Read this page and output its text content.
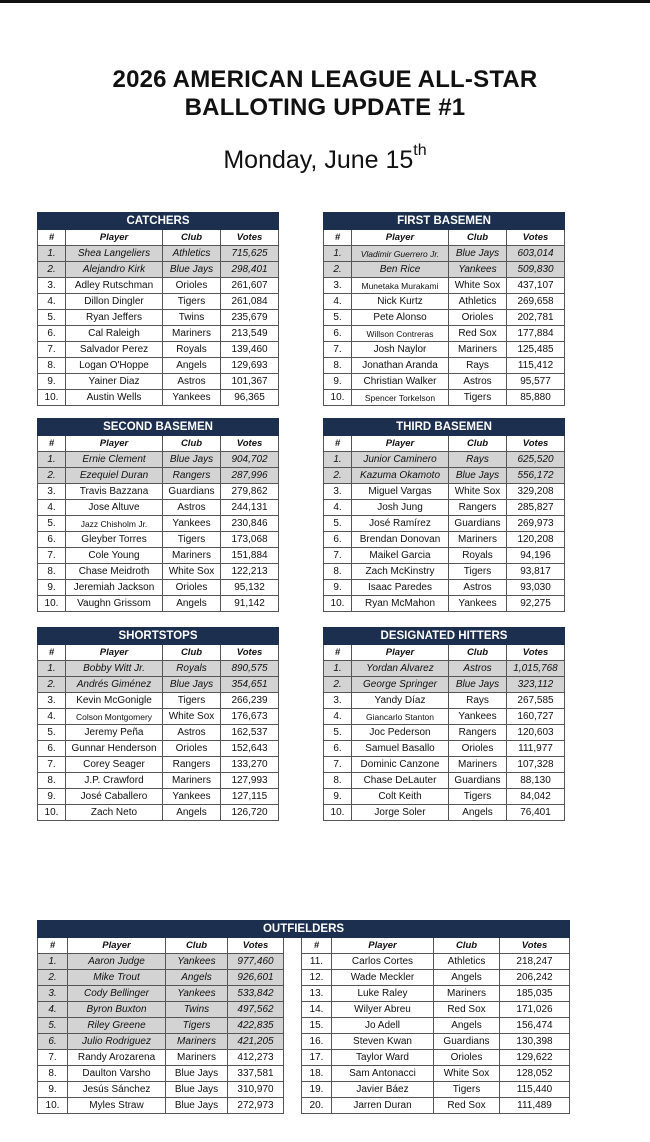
2026 AMERICAN LEAGUE ALL-STAR
BALLOTING UPDATE #1
Monday, June 15th
CATCHERS			
#	Player	Club	Votes
1.	Shea Langeliers	Athletics	715,625
2.	Alejandro Kirk	Blue Jays	298,401
3.	Adley Rutschman	Orioles	261,607
4.	Dillon Dingler	Tigers	261,084
5.	Ryan Jeffers	Twins	235,679
6.	Cal Raleigh	Mariners	213,549
7.	Salvador Perez	Royals	139,460
8.	Logan O'Hoppe	Angels	129,693
9.	Yainer Diaz	Astros	101,367
10.	Austin Wells	Yankees	96,365
FIRST BASEMEN			
#	Player	Club	Votes
1.	Vladimir Guerrero Jr.	Blue Jays	603,014
2.	Ben Rice	Yankees	509,830
3.	Munetaka Murakami	White Sox	437,107
4.	Nick Kurtz	Athletics	269,658
5.	Pete Alonso	Orioles	202,781
6.	Willson Contreras	Red Sox	177,884
7.	Josh Naylor	Mariners	125,485
8.	Jonathan Aranda	Rays	115,412
9.	Christian Walker	Astros	95,577
10.	Spencer Torkelson	Tigers	85,880
SECOND BASEMEN			
#	Player	Club	Votes
1.	Ernie Clement	Blue Jays	904,702
2.	Ezequiel Duran	Rangers	287,996
3.	Travis Bazzana	Guardians	279,862
4.	Jose Altuve	Astros	244,131
5.	Jazz Chisholm Jr.	Yankees	230,846
6.	Gleyber Torres	Tigers	173,068
7.	Cole Young	Mariners	151,884
8.	Chase Meidroth	White Sox	122,213
9.	Jeremiah Jackson	Orioles	95,132
10.	Vaughn Grissom	Angels	91,142
THIRD BASEMEN			
#	Player	Club	Votes
1.	Junior Caminero	Rays	625,520
2.	Kazuma Okamoto	Blue Jays	556,172
3.	Miguel Vargas	White Sox	329,208
4.	Josh Jung	Rangers	285,827
5.	José Ramírez	Guardians	269,973
6.	Brendan Donovan	Mariners	120,208
7.	Maikel Garcia	Royals	94,196
8.	Zach McKinstry	Tigers	93,817
9.	Isaac Paredes	Astros	93,030
10.	Ryan McMahon	Yankees	92,275
SHORTSTOPS			
#	Player	Club	Votes
1.	Bobby Witt Jr.	Royals	890,575
2.	Andrés Giménez	Blue Jays	354,651
3.	Kevin McGonigle	Tigers	266,239
4.	Colson Montgomery	White Sox	176,673
5.	Jeremy Peña	Astros	162,537
6.	Gunnar Henderson	Orioles	152,643
7.	Corey Seager	Rangers	133,270
8.	J.P. Crawford	Mariners	127,993
9.	José Caballero	Yankees	127,115
10.	Zach Neto	Angels	126,720
DESIGNATED HITTERS			
#	Player	Club	Votes
1.	Yordan Alvarez	Astros	1,015,768
2.	George Springer	Blue Jays	323,112
3.	Yandy Díaz	Rays	267,585
4.	Giancarlo Stanton	Yankees	160,727
5.	Joc Pederson	Rangers	120,603
6.	Samuel Basallo	Orioles	111,977
7.	Dominic Canzone	Mariners	107,328
8.	Chase DeLauter	Guardians	88,130
9.	Colt Keith	Tigers	84,042
10.	Jorge Soler	Angels	76,401
OUTFIELDERS								
#	Player	Club	Votes		#	Player	Club	Votes
1.	Aaron Judge	Yankees	977,460		11.	Carlos Cortes	Athletics	218,247
2.	Mike Trout	Angels	926,601		12.	Wade Meckler	Angels	206,242
3.	Cody Bellinger	Yankees	533,842		13.	Luke Raley	Mariners	185,035
4.	Byron Buxton	Twins	497,562		14.	Wilyer Abreu	Red Sox	171,026
5.	Riley Greene	Tigers	422,835		15.	Jo Adell	Angels	156,474
6.	Julio Rodriguez	Mariners	421,205		16.	Steven Kwan	Guardians	130,398
7.	Randy Arozarena	Mariners	412,273		17.	Taylor Ward	Orioles	129,622
8.	Daulton Varsho	Blue Jays	337,581		18.	Sam Antonacci	White Sox	128,052
9.	Jesús Sánchez	Blue Jays	310,970		19.	Javier Báez	Tigers	115,440
10.	Myles Straw	Blue Jays	272,973		20.	Jarren Duran	Red Sox	111,489
